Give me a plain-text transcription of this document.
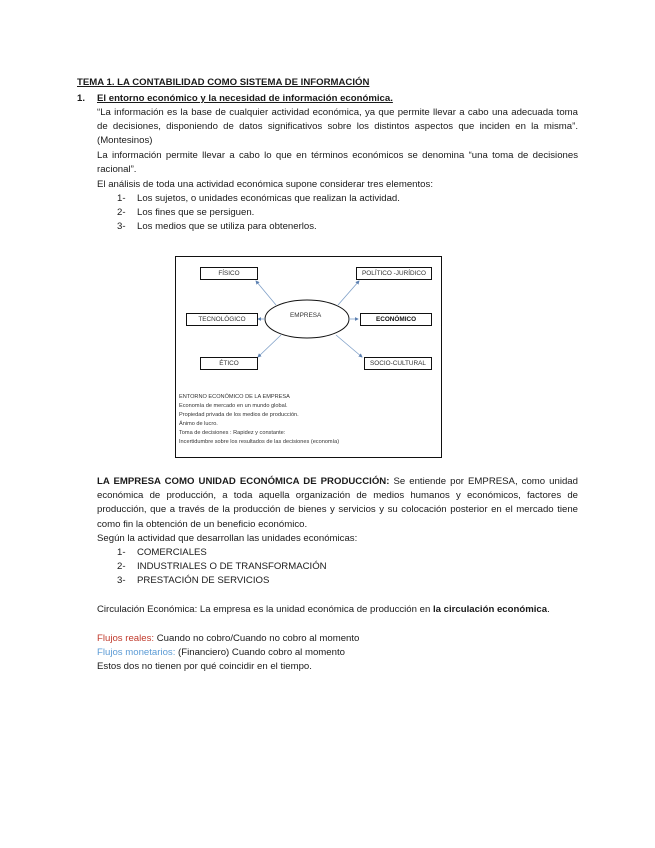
TEMA 1. LA CONTABILIDAD COMO SISTEMA DE INFORMACIÓN
1. El entorno económico y la necesidad de información económica.
“La información es la base de cualquier actividad económica, ya que permite llevar a cabo una adecuada toma de decisiones, disponiendo de datos significativos sobre los distintos aspectos que inciden en la misma”. (Montesinos)
La información permite llevar a cabo lo que en términos económicos se denomina “una toma de decisiones racional”.
El análisis de toda una actividad económica supone considerar tres elementos:
1- Los sujetos, o unidades económicas que realizan la actividad.
2- Los fines que se persiguen.
3- Los medios que se utiliza para obtenerlos.
EMPRESA
FÍSICO	POLÍTICO -JURÍDICO
TECNOLÓGICO	ECONÓMICO
ÉTICO	SOCIO-CULTURAL
ENTORNO ECONÓMICO DE LA EMPRESA
Economía de mercado en un mundo global.
Propiedad privada de los medios de producción.
Ánimo de lucro.
Toma de decisiones : Rapidez y constante:
Incertidumbre sobre los resultados de las decisiones (economía)
LA EMPRESA COMO UNIDAD ECONÓMICA DE PRODUCCIÓN: Se entiende por EMPRESA, como unidad económica de producción, a toda aquella organización de medios humanos y económicos, factores de producción, que a través de la producción de bienes y servicios y su colocación posterior en el mercado tiene como fin la obtención de un beneficio económico.
Según la actividad que desarrollan las unidades económicas:
1- COMERCIALES
2- INDUSTRIALES O DE TRANSFORMACIÓN
3- PRESTACIÓN DE SERVICIOS
Circulación Económica: La empresa es la unidad económica de producción en la circulación económica.
Flujos reales: Cuando no cobro/Cuando no cobro al momento
Flujos monetarios: (Financiero) Cuando cobro al momento
Estos dos no tienen por qué coincidir en el tiempo.
